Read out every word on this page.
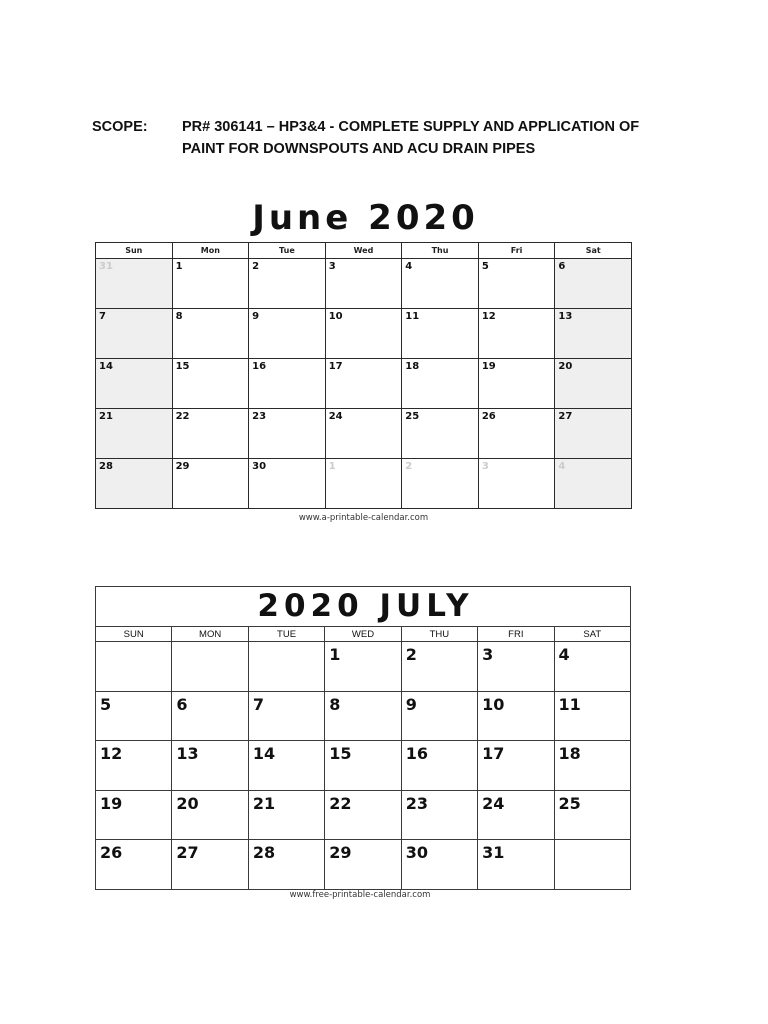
SCOPE: PR# 306141 – HP3&4 - COMPLETE SUPPLY AND APPLICATION OF
PAINT FOR DOWNSPOUTS AND ACU DRAIN PIPES
June 2020
Sun	Mon	Tue	Wed	Thu	Fri	Sat

31	1	2	3	4	5	6

7	8	9	10	11	12	13

14	15	16	17	18	19	20

21	22	23	24	25	26	27

28	29	30	1	2	3	4
www.a-printable-calendar.com
2020 JULY
SUN	MON	TUE	WED	THU	FRI	SAT

			1	2	3	4

5	6	7	8	9	10	11

12	13	14	15	16	17	18

19	20	21	22	23	24	25

26	27	28	29	30	31	

www.free-printable-calendar.com
